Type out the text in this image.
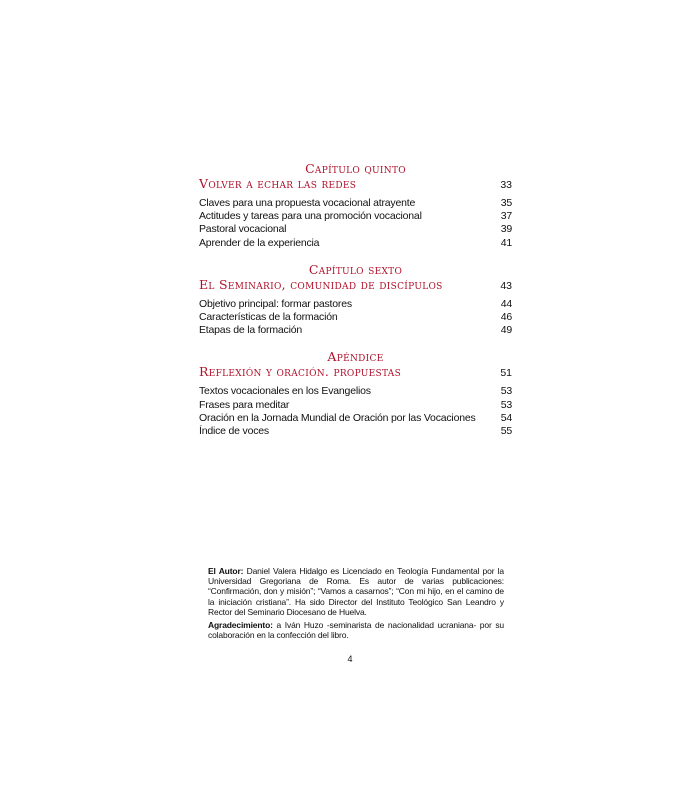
Capítulo quinto
Volver a echar las redes	33
Claves para una propuesta vocacional atrayente	35
Actitudes y tareas para una promoción vocacional	37
Pastoral vocacional	39
Aprender de la experiencia	41
Capítulo sexto
El Seminario, comunidad de discípulos	43
Objetivo principal: formar pastores	44
Características de la formación	46
Etapas de la formación	49
Apéndice
Reflexión y oración. propuestas	51
Textos vocacionales en los Evangelios	53
Frases para meditar	53
Oración en la Jornada Mundial de Oración por las Vocaciones 54
Índice de voces	55

El Autor: Daniel Valera Hidalgo es Licenciado en Teología Fundamental por la Universidad Gregoriana de Roma. Es autor de varias publicaciones: “Confirmación, don y misión”; “Vamos a casarnos”; “Con mi hijo, en el camino de la iniciación cristiana”. Ha sido Director del Instituto Teológico San Leandro y Rector del Seminario Diocesano de Huelva.

Agradecimiento: a Iván Huzo -seminarista de nacionalidad ucraniana- por su colaboración en la confección del libro.

4
